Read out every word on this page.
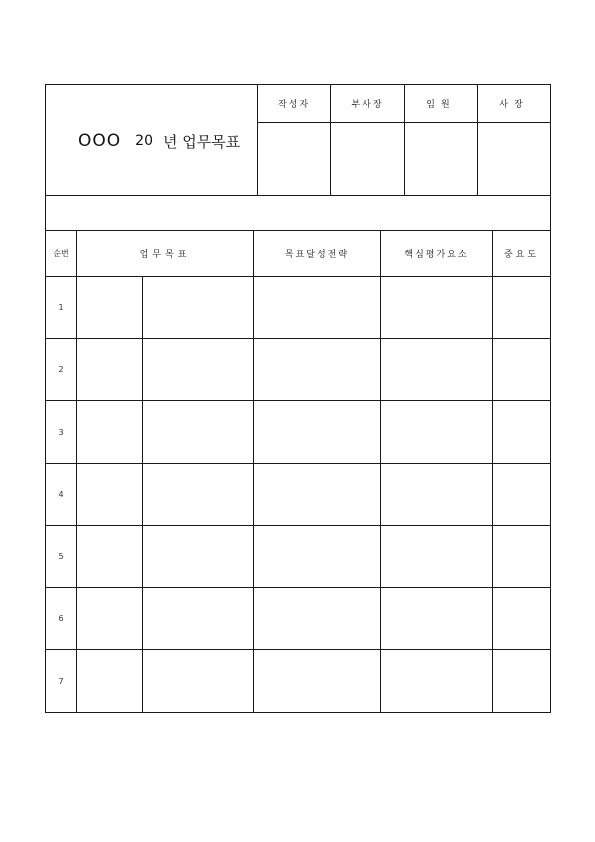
OOO 20 년 업무목표
작성자	부사장	임원	사장
순번	업무목표	목표달성전략	핵심평가요소	중요도
1
2
3
4
5
6
7
